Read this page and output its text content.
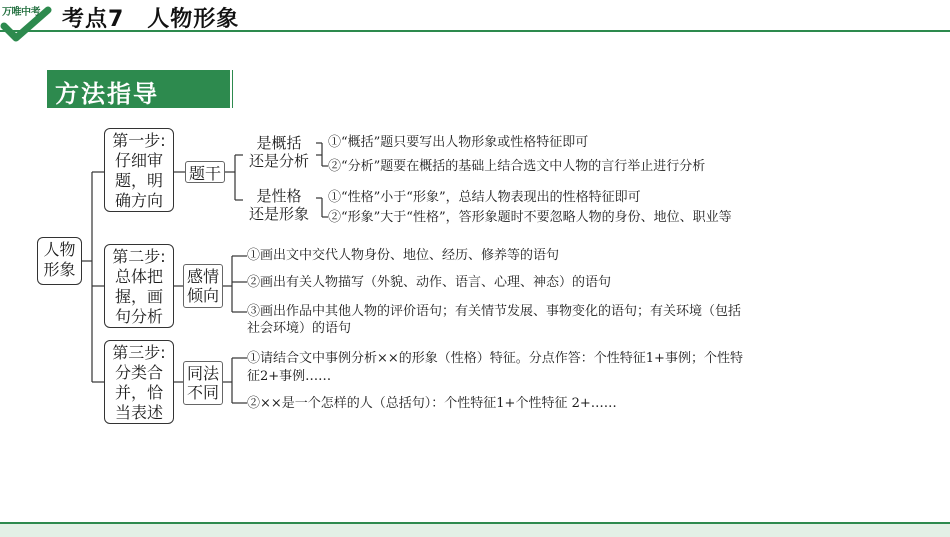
万唯中考 考点7　人物形象
方法指导
人物
形象
第一步:
仔细审
题，明
确方向
题干
是概括
还是分析
①“概括”题只要写出人物形象或性格特征即可
②“分析”题要在概括的基础上结合选文中人物的言行举止进行分析
是性格
还是形象
①“性格”小于“形象”，总结人物表现出的性格特征即可
②“形象”大于“性格”，答形象题时不要忽略人物的身份、地位、职业等
第二步:
总体把
握，画
句分析
感情
倾向
①画出文中交代人物身份、地位、经历、修养等的语句
②画出有关人物描写（外貌、动作、语言、心理、神态）的语句
③画出作品中其他人物的评价语句；有关情节发展、事物变化的语句；有关环境（包括
社会环境）的语句
第三步:
分类合
并，恰
当表述
同法
不同
①请结合文中事例分析××的形象（性格）特征。分点作答：个性特征1+事例；个性特
征2+事例……
②××是一个怎样的人（总括句）：个性特征1+个性特征 2+……
